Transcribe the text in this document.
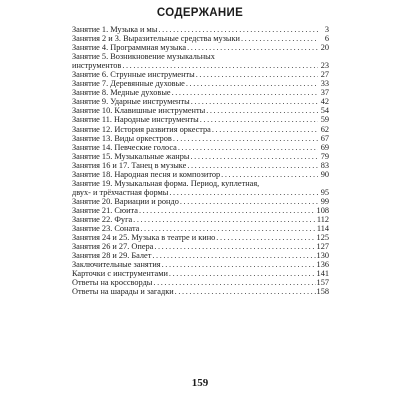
СОДЕРЖАНИЕ
Занятие 1. Музыка и мы .....	3
Занятия 2 и 3. Выразительные средства музыки .....	6
Занятие 4. Программная музыка .....	20
Занятие 5. Возникновение музыкальных
инструментов .....	23
Занятие 6. Струнные инструменты .....	27
Занятие 7. Деревянные духовые .....	33
Занятие 8. Медные духовые .....	37
Занятие 9. Ударные инструменты .....	42
Занятие 10. Клавишные инструменты .....	54
Занятие 11. Народные инструменты .....	59
Занятие 12. История развития оркестра .....	62
Занятие 13. Виды оркестров .....	67
Занятие 14. Певческие голоса .....	69
Занятие 15. Музыкальные жанры .....	79
Занятия 16 и 17. Танец в музыке .....	83
Занятие 18. Народная песня и композитор .....	90
Занятие 19. Музыкальная форма. Период, куплетная,
двух- и трёхчастная формы .....	95
Занятие 20. Вариации и рондо .....	99
Занятие 21. Сюита .....	108
Занятие 22. Фуга .....	112
Занятие 23. Соната .....	114
Занятия 24 и 25. Музыка в театре и кино .....	125
Занятия 26 и 27. Опера .....	127
Занятия 28 и 29. Балет .....	130
Заключительные занятия .....	136
Карточки с инструментами .....	141
Ответы на кроссворды .....	157
Ответы на шарады и загадки .....	158
159
